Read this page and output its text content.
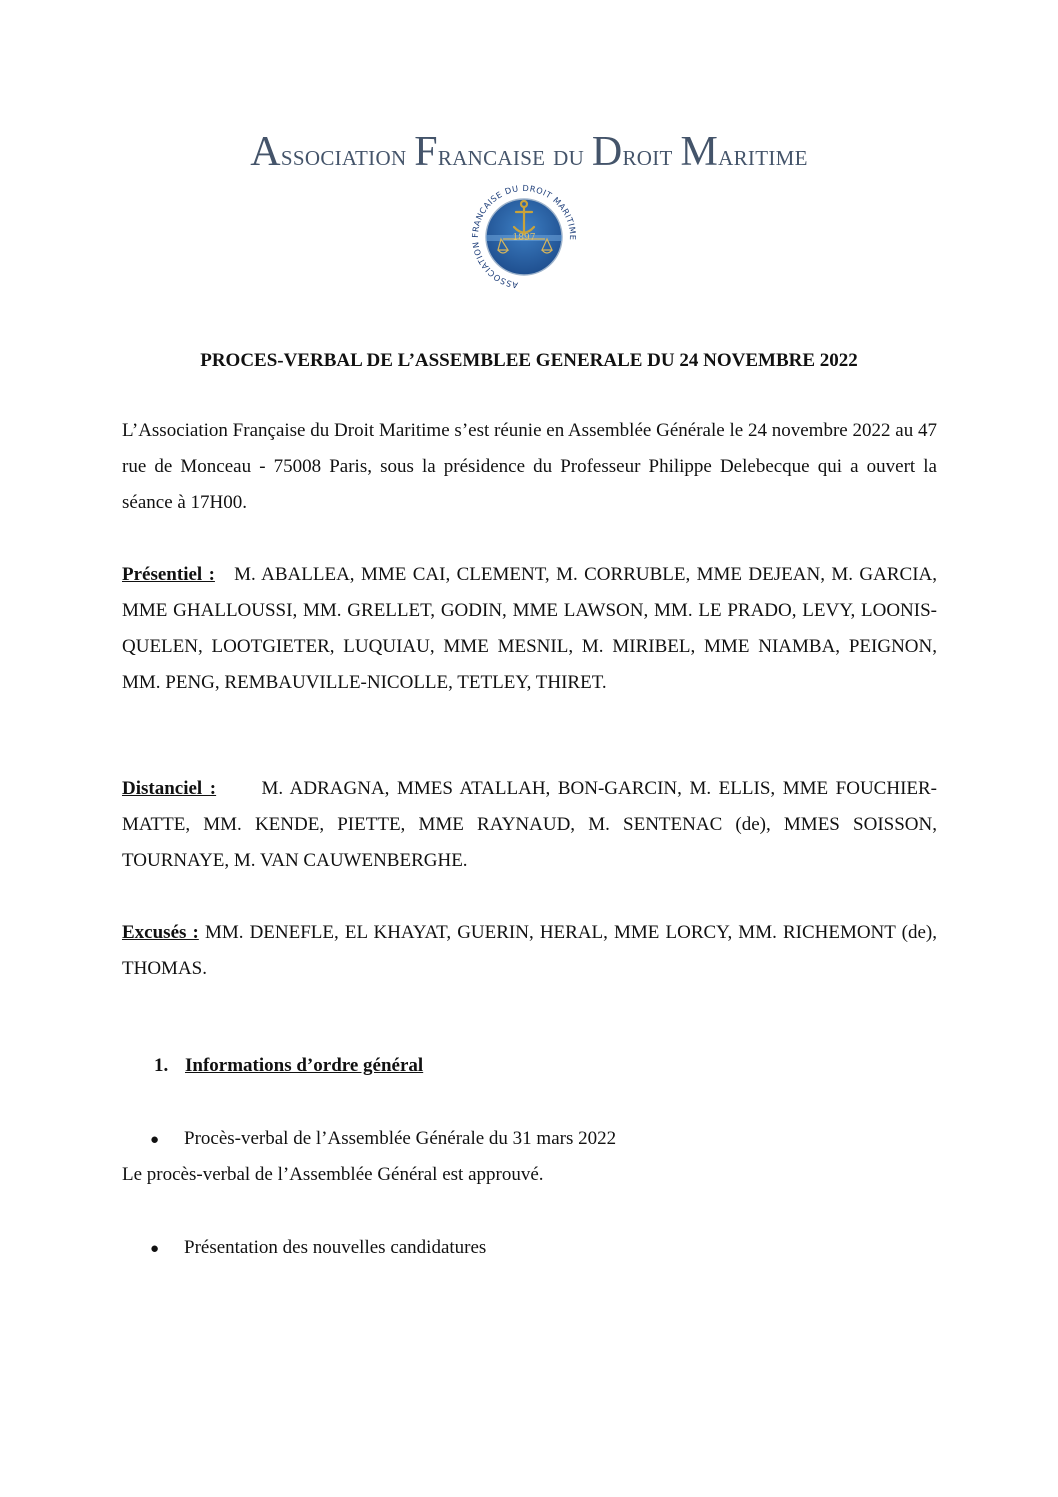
Association Francaise du Droit Maritime
ASSOCIATION FRANCAISE DU DROIT MARITIME
1897
PROCES-VERBAL DE L’ASSEMBLEE GENERALE DU 24 NOVEMBRE 2022
L’Association Française du Droit Maritime s’est réunie en Assemblée Générale le 24 novembre 2022 au 47 rue de Monceau - 75008 Paris, sous la présidence du Professeur Philippe Delebecque qui a ouvert la séance à 17H00.
Présentiel : M. ABALLEA, MME CAI, CLEMENT, M. CORRUBLE, MME DEJEAN, M. GARCIA, MME GHALLOUSSI, MM. GRELLET, GODIN, MME LAWSON, MM. LE PRADO, LEVY, LOONIS-QUELEN, LOOTGIETER, LUQUIAU, MME MESNIL, M. MIRIBEL, MME NIAMBA, PEIGNON, MM. PENG, REMBAUVILLE-NICOLLE, TETLEY, THIRET.
Distanciel : M. ADRAGNA, MMES ATALLAH, BON-GARCIN, M. ELLIS, MME FOUCHIER-MATTE, MM. KENDE, PIETTE, MME RAYNAUD, M. SENTENAC (de), MMES SOISSON, TOURNAYE, M. VAN CAUWENBERGHE.
Excusés : MM. DENEFLE, EL KHAYAT, GUERIN, HERAL, MME LORCY, MM. RICHEMONT (de), THOMAS.
1. Informations d’ordre général
● Procès-verbal de l’Assemblée Générale du 31 mars 2022
Le procès-verbal de l’Assemblée Général est approuvé.
● Présentation des nouvelles candidatures
